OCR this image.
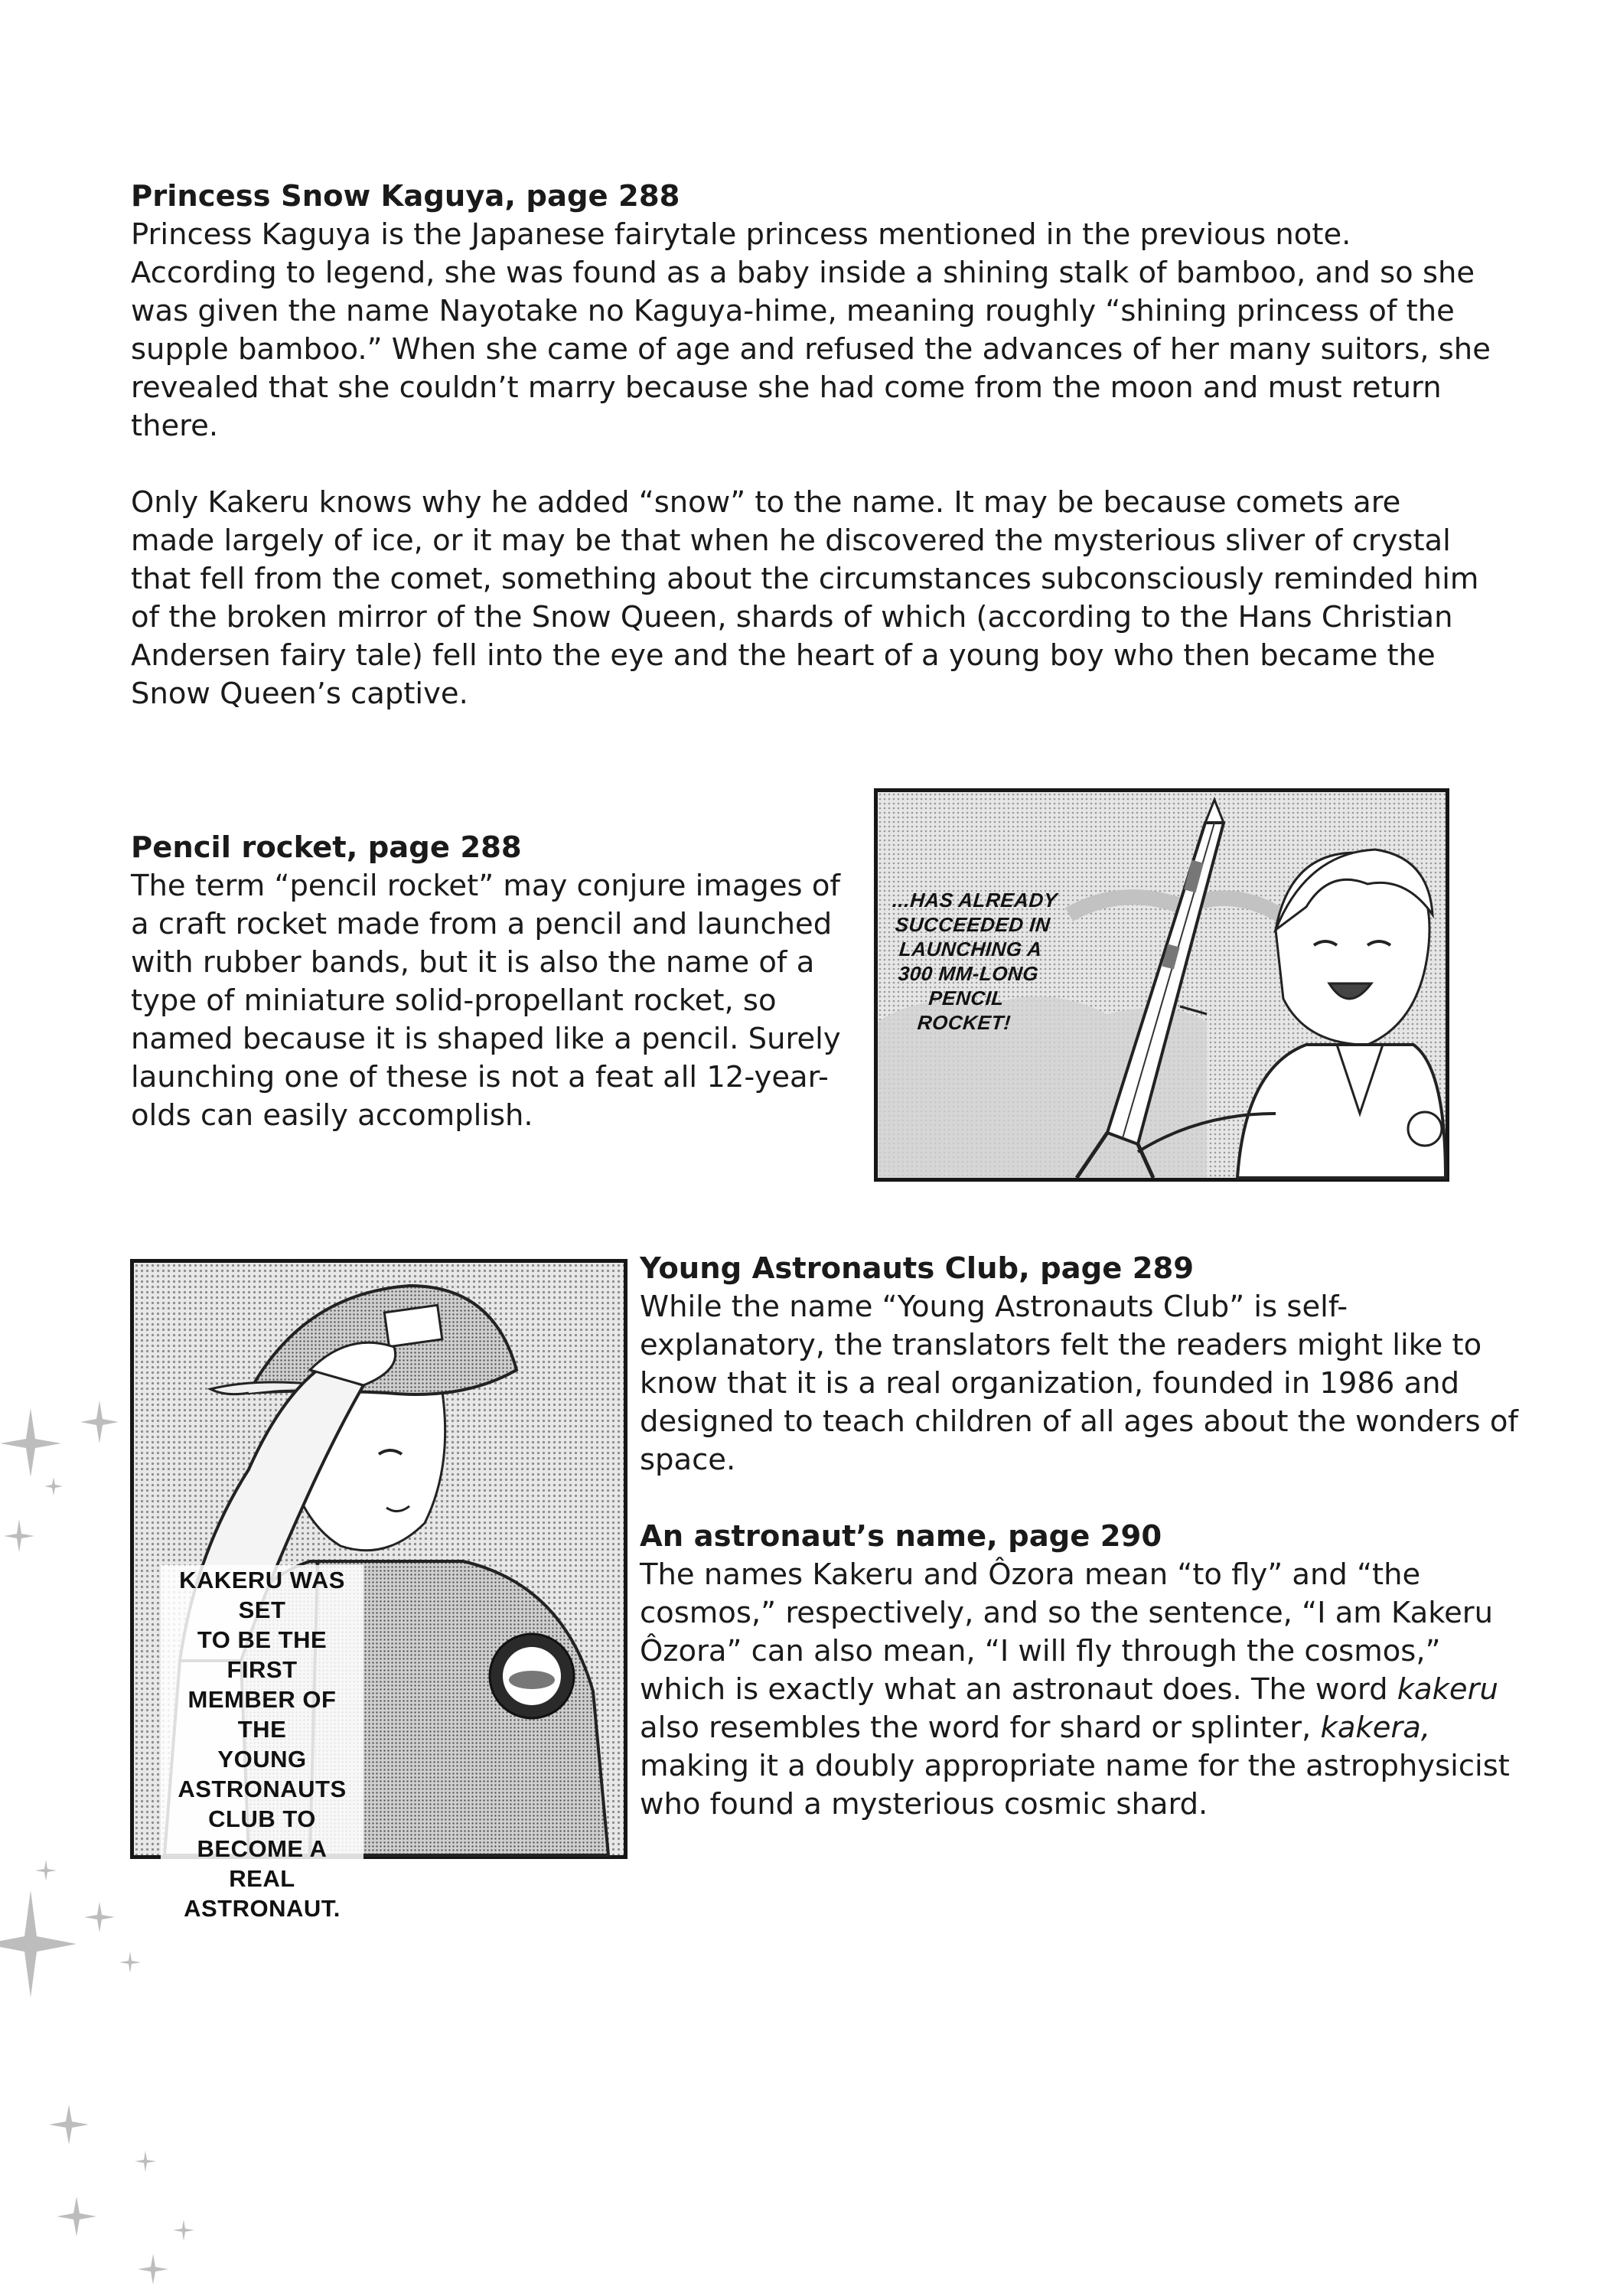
Princess Snow Kaguya, page 288

Princess Kaguya is the Japanese fairytale princess mentioned in the previous note. According to legend, she was found as a baby inside a shining stalk of bamboo, and so she was given the name Nayotake no Kaguya-hime, meaning roughly “shining princess of the supple bamboo.” When she came of age and refused the advances of her many suitors, she revealed that she couldn’t marry because she had come from the moon and must return there.

Only Kakeru knows why he added “snow” to the name. It may be because comets are made largely of ice, or it may be that when he discovered the mysterious sliver of crystal that fell from the comet, something about the circumstances subconsciously reminded him of the broken mirror of the Snow Queen, shards of which (according to the Hans Christian Andersen fairy tale) fell into the eye and the heart of a young boy who then became the Snow Queen’s captive.

Pencil rocket, page 288

The term “pencil rocket” may conjure images of a craft rocket made from a pencil and launched with rubber bands, but it is also the name of a type of miniature solid-propellant rocket, so named because it is shaped like a pencil. Surely launching one of these is not a feat all 12-year-olds can easily accomplish.

...HAS ALREADY
SUCCEEDED IN
LAUNCHING A
300 MM-LONG
PENCIL ROCKET!
KAKERU WAS SET
TO BE THE FIRST
MEMBER OF THE
YOUNG ASTRONAUTS
CLUB TO BECOME A
REAL ASTRONAUT.

Young Astronauts Club, page 289

While the name “Young Astronauts Club” is self-explanatory, the translators felt the readers might like to know that it is a real organization, founded in 1986 and designed to teach children of all ages about the wonders of space.

An astronaut’s name, page 290

The names Kakeru and Ôzora mean “to fly” and “the cosmos,” respectively, and so the sentence, “I am Kakeru Ôzora” can also mean, “I will fly through the cosmos,” which is exactly what an astronaut does. The word kakeru also resembles the word for shard or splinter, kakera, making it a doubly appropriate name for the astrophysicist who found a mysterious cosmic shard.
